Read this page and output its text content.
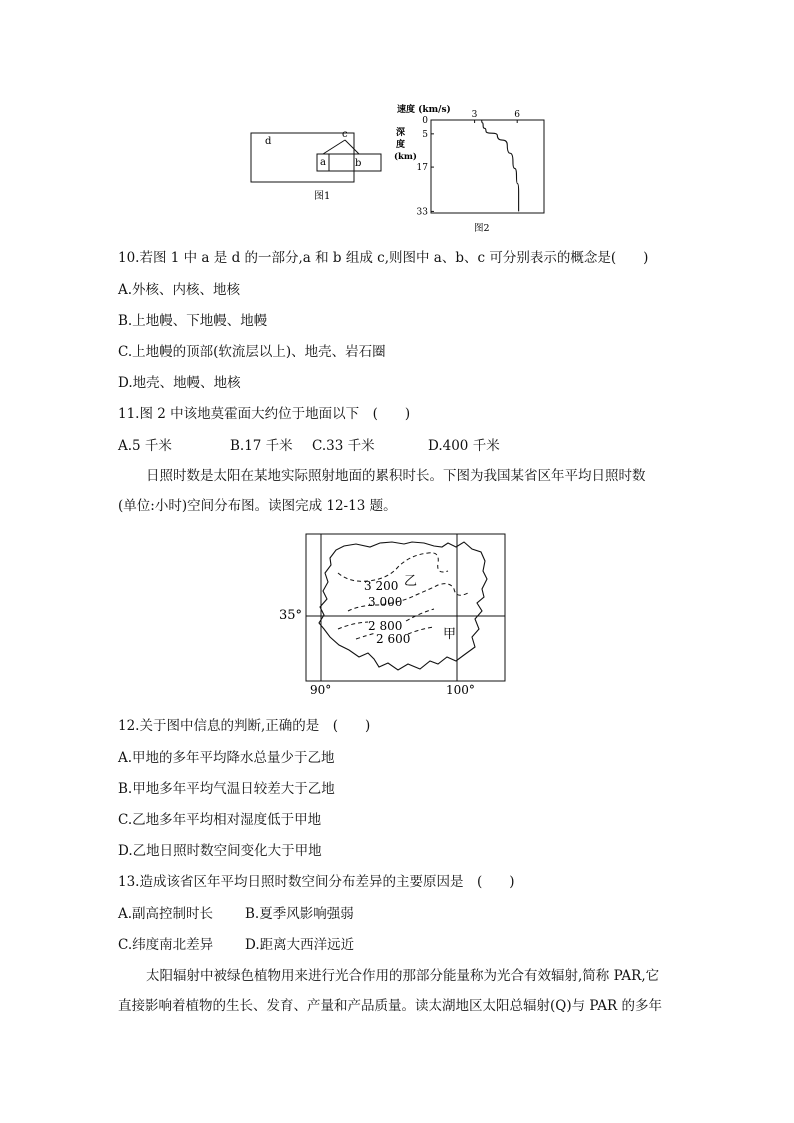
d
c
a	b
图1
速度 (km/s)
深
度
(km)
3	6
0
5
17
33
图2
10.若图 1 中 a 是 d 的一部分,a 和 b 组成 c,则图中 a、b、c 可分别表示的概念是(　　)
A.外核、内核、地核
B.上地幔、下地幔、地幔
C.上地幔的顶部(软流层以上)、地壳、岩石圈
D.地壳、地幔、地核
11.图 2 中该地莫霍面大约位于地面以下　(　　)
A.5 千米	B.17 千米 C.33 千米	D.400 千米
日照时数是太阳在某地实际照射地面的累积时长。下图为我国某省区年平均日照时数
(单位:小时)空间分布图。读图完成 12-13 题。
3 200
3 000
2 800
2 600
乙
甲
35°
90°	100°
12.关于图中信息的判断,正确的是　(　　)
A.甲地的多年平均降水总量少于乙地
B.甲地多年平均气温日较差大于乙地
C.乙地多年平均相对湿度低于甲地
D.乙地日照时数空间变化大于甲地
13.造成该省区年平均日照时数空间分布差异的主要原因是　(　　)
A.副高控制时长 B.夏季风影响强弱
C.纬度南北差异 D.距离大西洋远近
太阳辐射中被绿色植物用来进行光合作用的那部分能量称为光合有效辐射,简称 PAR,它
直接影响着植物的生长、发育、产量和产品质量。读太湖地区太阳总辐射(Q)与 PAR 的多年
